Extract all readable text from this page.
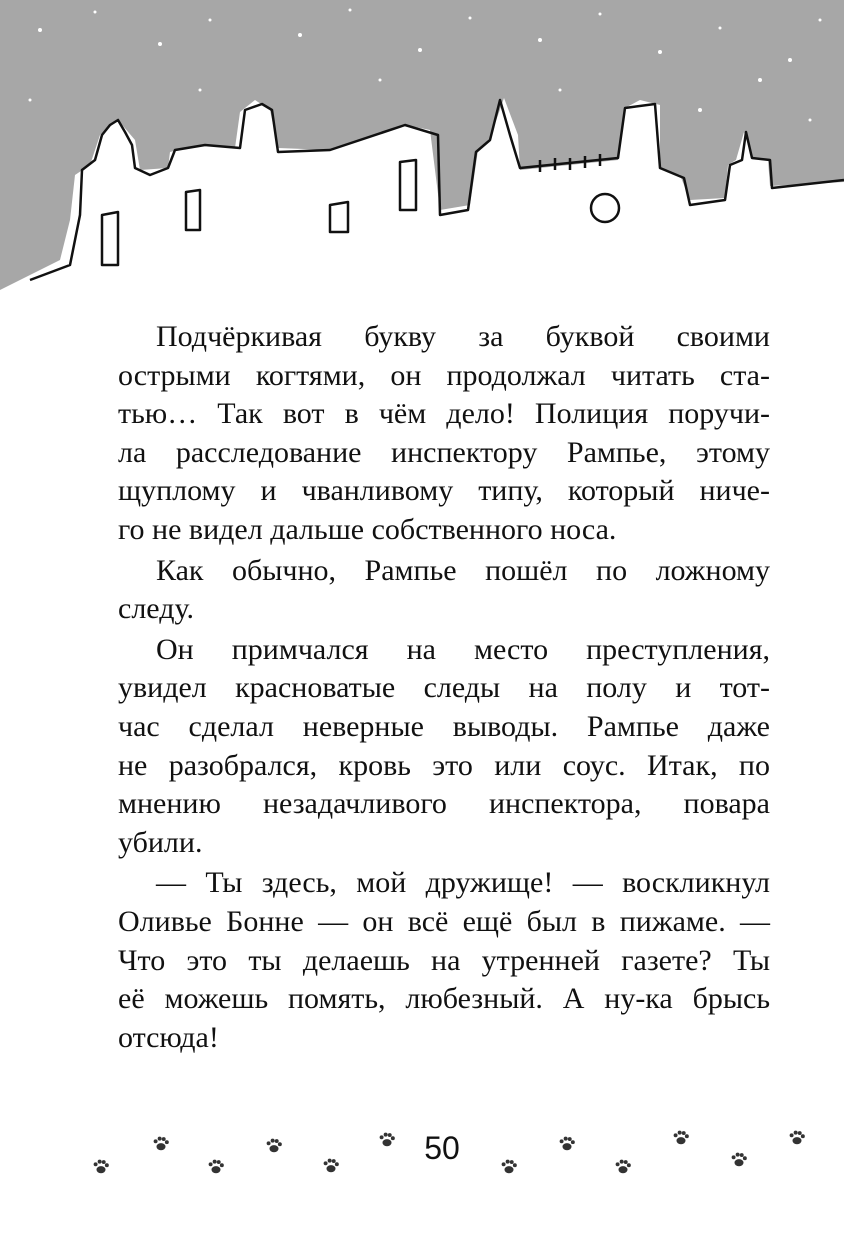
Подчёркивая букву за буквой своими
острыми когтями, он продолжал читать ста-
тью… Так вот в чём дело! Полиция поручи-
ла расследование инспектору Рампье, этому
щуплому и чванливому типу, который ниче-
го не видел дальше собственного носа.

Как обычно, Рампье пошёл по ложному
следу.

Он примчался на место преступления,
увидел красноватые следы на полу и тот-
час сделал неверные выводы. Рампье даже
не разобрался, кровь это или соус. Итак, по
мнению незадачливого инспектора, повара
убили.

— Ты здесь, мой дружище! — воскликнул
Оливье Бонне — он всё ещё был в пижаме. —
Что это ты делаешь на утренней газете? Ты
её можешь помять, любезный. А ну-ка брысь
отсюда!

50
